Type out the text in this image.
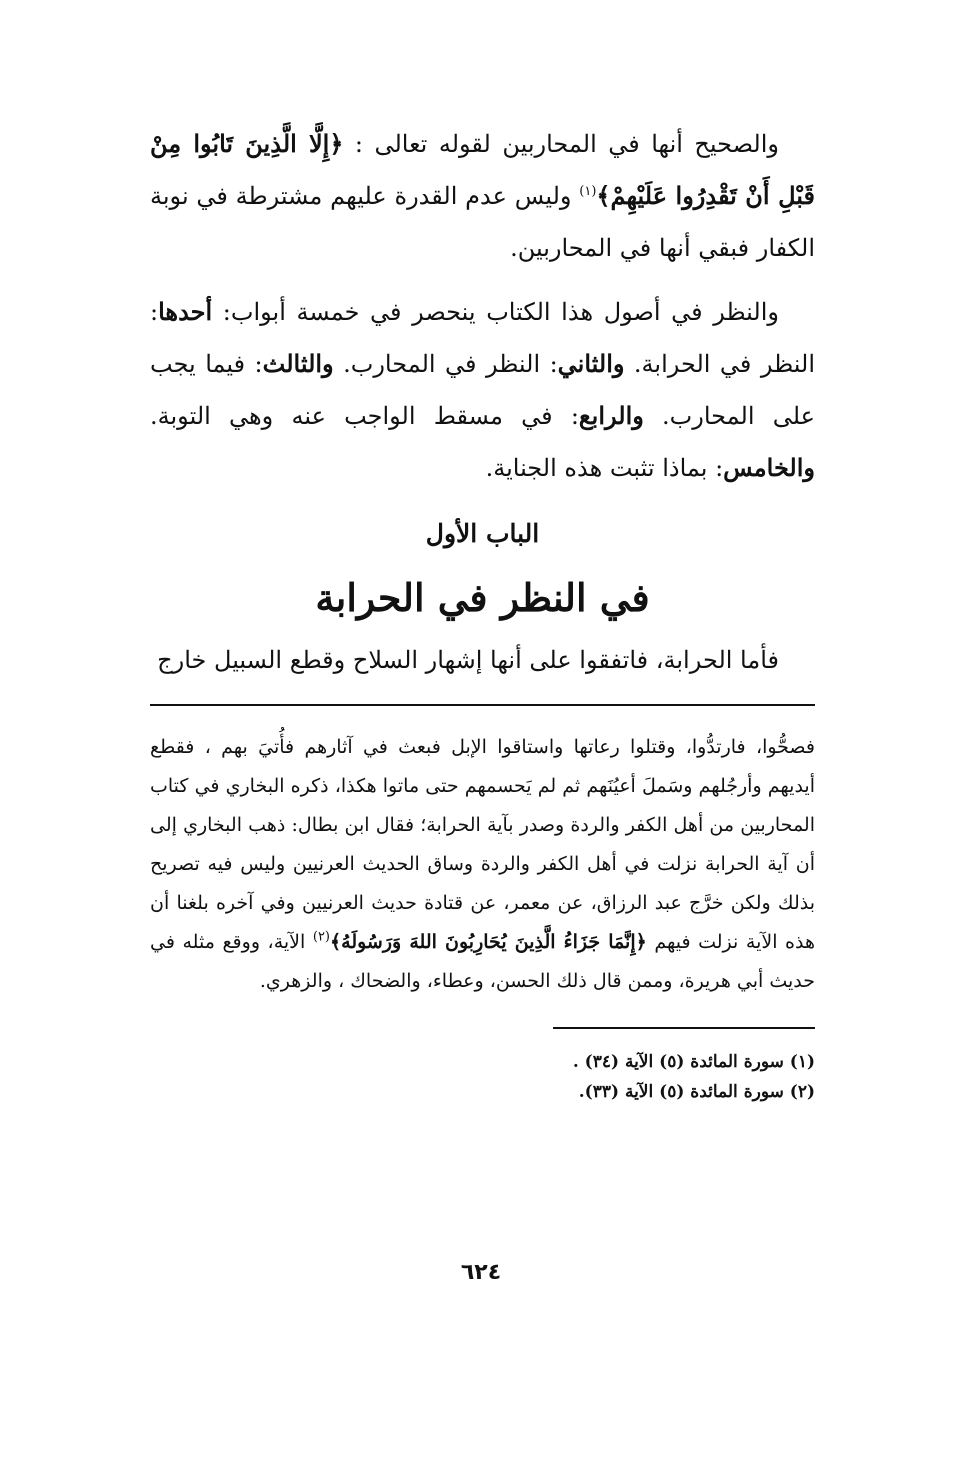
والصحيح أنها في المحاربين لقوله تعالى : ﴿إِلَّا الَّذِينَ تَابُوا مِنْ قَبْلِ أَنْ تَقْدِرُوا عَلَيْهِمْ﴾$^{(١)}$ وليس عدم القدرة عليهم مشترطة في نوبة الكفار فبقي أنها في المحاربين.
والنظر في أصول هذا الكتاب ينحصر في خمسة أبواب: أحدها: النظر في الحرابة. والثاني: النظر في المحارب. والثالث: فيما يجب على المحارب. والرابع: في مسقط الواجب عنه وهي التوبة. والخامس: بماذا تثبت هذه الجناية.
الباب الأول
في النظر في الحرابة
فأما الحرابة، فاتفقوا على أنها إشهار السلاح وقطع السبيل خارج
فصحُّوا، فارتدُّوا، وقتلوا رعاتها واستاقوا الإبل فبعث في آثارهم فأُتيَ بهم ، فقطع أيديهم وأرجُلهم وسَملَ أعيُنَهم ثم لم يَحسمهم حتى ماتوا هكذا، ذكره البخاري في كتاب المحاربين من أهل الكفر والردة وصدر بآية الحرابة؛ فقال ابن بطال: ذهب البخاري إلى أن آية الحرابة نزلت في أهل الكفر والردة وساق الحديث العرنيين وليس فيه تصريح بذلك ولكن خرَّج عبد الرزاق، عن معمر، عن قتادة حديث العرنيين وفي آخره بلغنا أن هذه الآية نزلت فيهم ﴿إِنَّمَا جَزَاءُ الَّذِينَ يُحَارِبُونَ اللهَ وَرَسُولَهُ﴾$^{(٢)}$ الآية، ووقع مثله في حديث أبي هريرة، وممن قال ذلك الحسن، وعطاء، والضحاك ، والزهري.
(١) سورة المائدة (٥) الآية (٣٤) .
(٢) سورة المائدة (٥) الآية (٣٣).
٦٢٤
